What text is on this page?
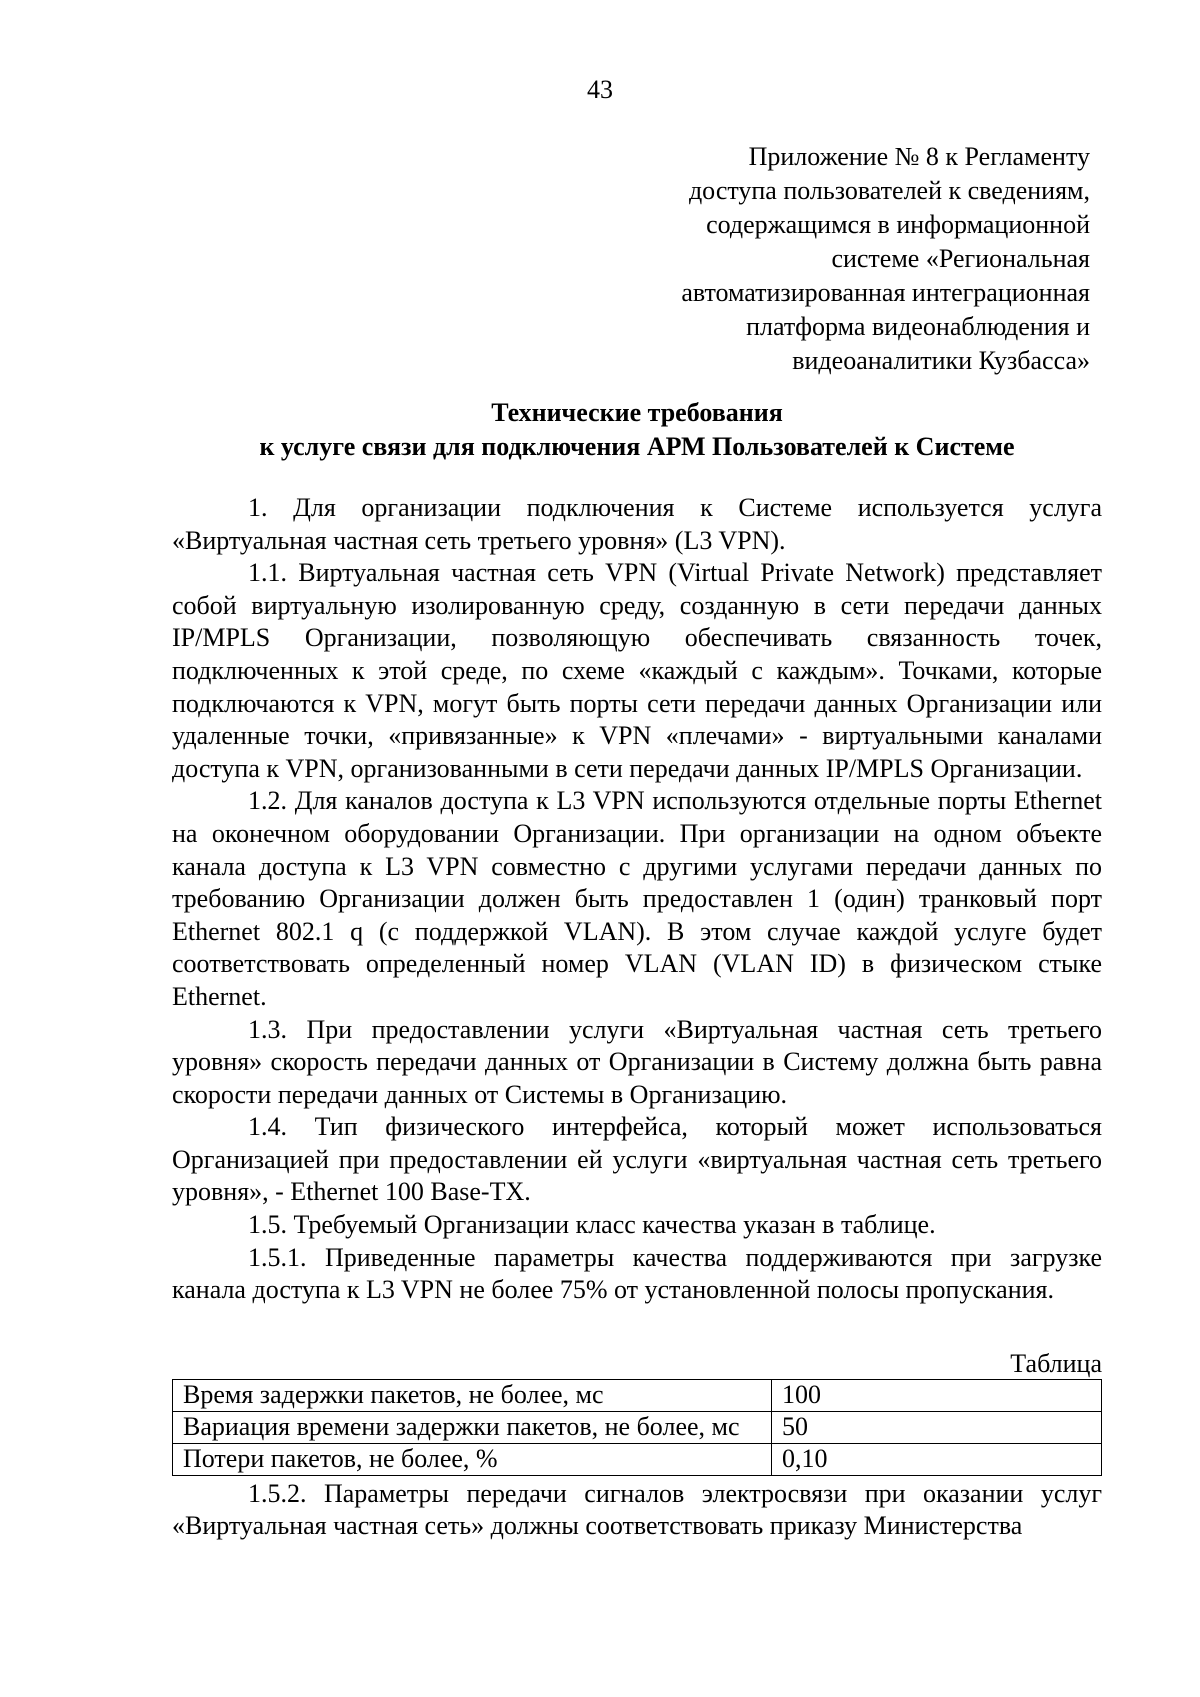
43
Приложение № 8 к Регламенту
доступа пользователей к сведениям,
содержащимся в информационной
системе «Региональная
автоматизированная интеграционная
платформа видеонаблюдения и
видеоаналитики Кузбасса»
Технические требования
к услуге связи для подключения АРМ Пользователей к Системе

1. Для организации подключения к Системе используется услуга «Виртуальная частная сеть третьего уровня» (L3 VPN).

1.1. Виртуальная частная сеть VPN (Virtual Private Network) представляет собой виртуальную изолированную среду, созданную в сети передачи данных IP/MPLS Организации, позволяющую обеспечивать связанность точек, подключенных к этой среде, по схеме «каждый с каждым». Точками, которые подключаются к VPN, могут быть порты сети передачи данных Организации или удаленные точки, «привязанные» к VPN «плечами» - виртуальными каналами доступа к VPN, организованными в сети передачи данных IP/MPLS Организации.

1.2. Для каналов доступа к L3 VPN используются отдельные порты Ethernet на оконечном оборудовании Организации. При организации на одном объекте канала доступа к L3 VPN совместно с другими услугами передачи данных по требованию Организации должен быть предоставлен 1 (один) транковый порт Ethernet 802.1 q (с поддержкой VLAN). В этом случае каждой услуге будет соответствовать определенный номер VLAN (VLAN ID) в физическом стыке Ethernet.

1.3. При предоставлении услуги «Виртуальная частная сеть третьего уровня» скорость передачи данных от Организации в Систему должна быть равна скорости передачи данных от Системы в Организацию.

1.4. Тип физического интерфейса, который может использоваться Организацией при предоставлении ей услуги «виртуальная частная сеть третьего уровня», - Ethernet 100 Base-TX.

1.5. Требуемый Организации класс качества указан в таблице.

1.5.1. Приведенные параметры качества поддерживаются при загрузке канала доступа к L3 VPN не более 75% от установленной полосы пропускания.

Таблица
Время задержки пакетов, не более, мс	100
Вариация времени задержки пакетов, не более, мс	50
Потери пакетов, не более, %	0,10

1.5.2. Параметры передачи сигналов электросвязи при оказании услуг «Виртуальная частная сеть» должны соответствовать приказу Министерства
